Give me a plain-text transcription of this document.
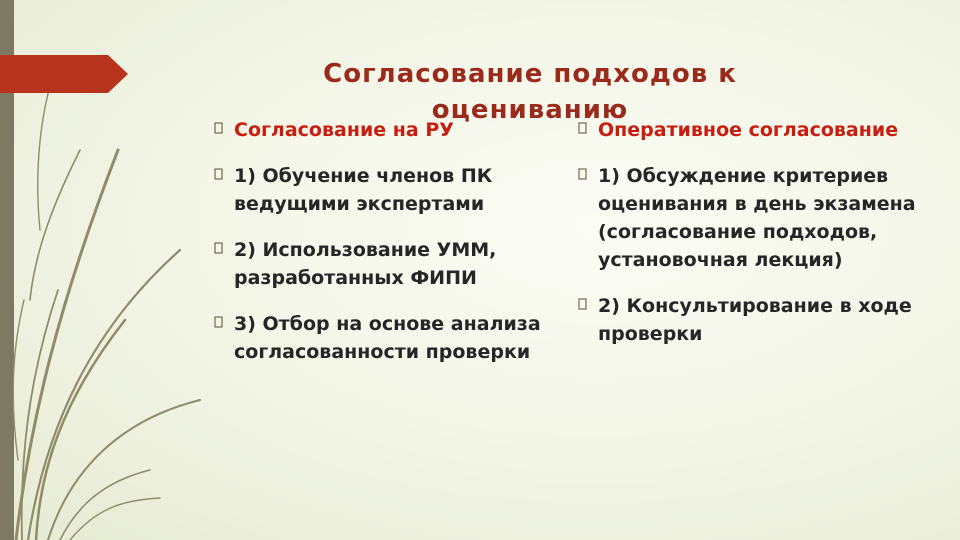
Согласование подходов к оцениванию
Согласование на РУ
1) Обучение членов ПК ведущими экспертами
2) Использование УММ, разработанных ФИПИ
3) Отбор на основе анализа согласованности проверки
Оперативное согласование
1) Обсуждение критериев оценивания в день экзамена (согласование подходов, установочная лекция)
2) Консультирование в ходе проверки
